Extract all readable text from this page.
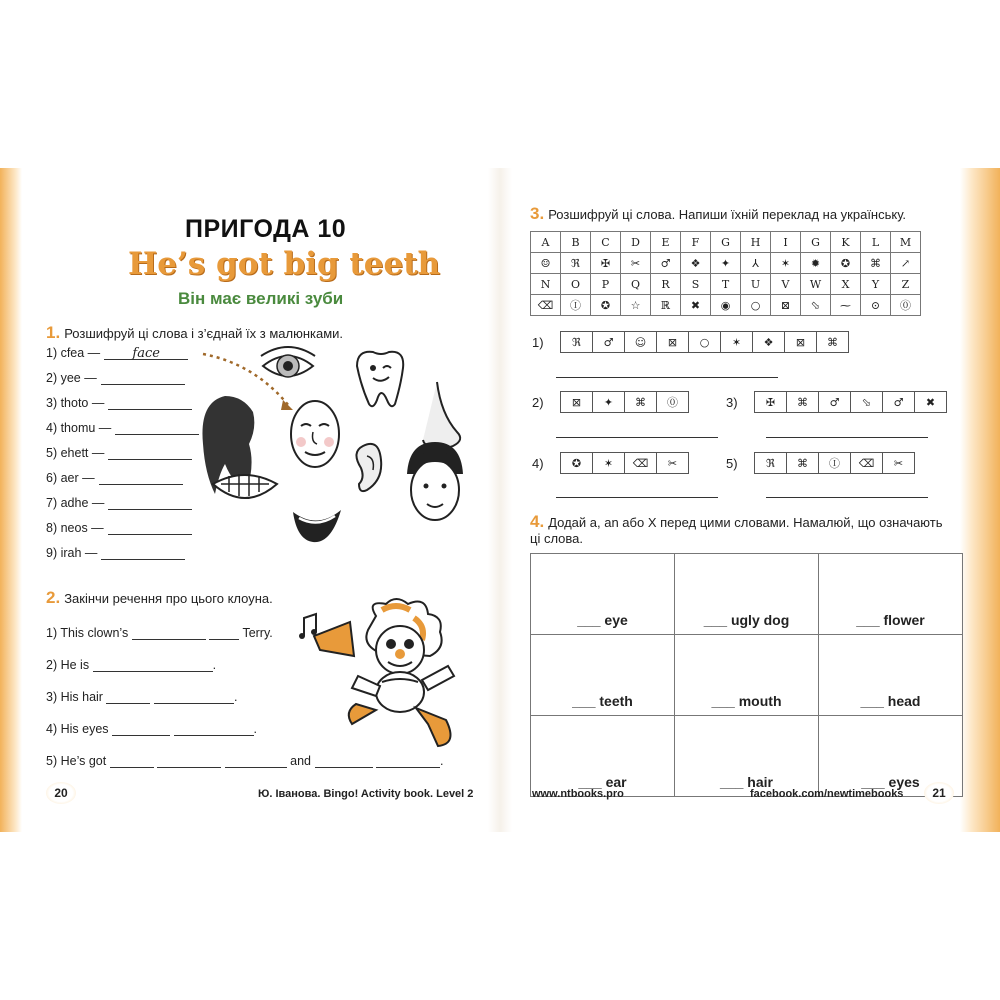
ПРИГОДА 10
He’s got big teeth
Він має великі зуби
1. Розшифруй ці слова і з’єднай їх з малюнками.
1) cfea — face
2) yee —
3) thoto —
4) thomu —
5) ehett —
6) aer —
7) adhe —
8) neos —
9) irah —
2. Закінчи речення про цього клоуна.
1) This clown’s	Terry.
2) He is	.
3) His hair	.
4) His eyes	.
5) He’s got	and	.
20	Ю. Іванова. Bingo! Activity book. Level 2
3. Розшифруй ці слова. Напиши їхній переклад на українську.
A	B	C	D	E	F	G	H	I	G	K	L	M
☺	ℜ	✠	✂	♂	❖	✦	⅄	✶	✹	✪	⌘	↗
N	O	P	Q	R	S	T	U	V	W	X	Y	Z
⌫	Ⓘ	✪	☆	ℝ	✖	◉	○	⊠	⬂	⁓	⊙	⓪
1)	ℜ	♂	☺	⊠	○	✶	❖	⊠	⌘
2)	⊠	✦	⌘	⓪	3)	✠	⌘	♂	⬂	♂	✖
4)	✪	✶	⌫	✂	5)	ℜ	⌘	Ⓘ	⌫	✂
4. Додай a, an або X перед цими словами. Намалюй, що означають
ці слова.
___ eye	___ ugly dog	___ flower
___ teeth	___ mouth	___ head
___ ear	___ hair	___ eyes
www.ntbooks.pro	facebook.com/newtimebooks	21
